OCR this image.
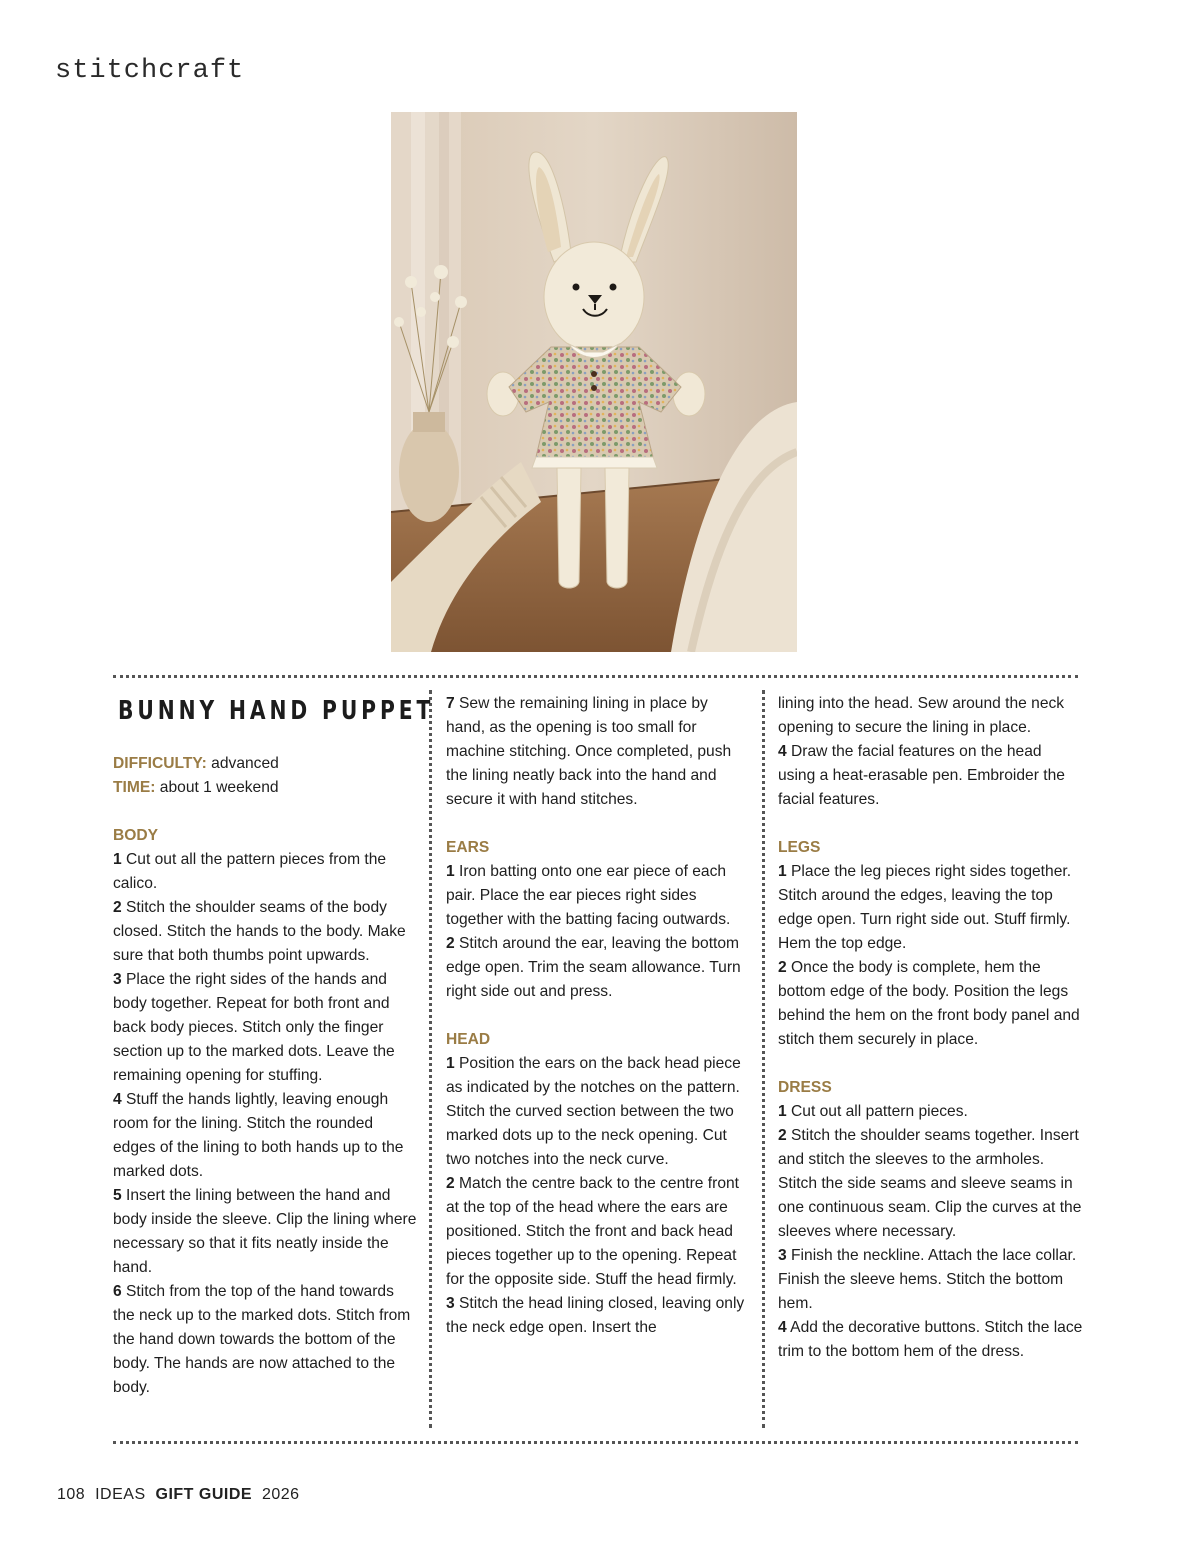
stitchcraft
BUNNY HAND PUPPET

DIFFICULTY: advanced

TIME: about 1 weekend

BODY

1 Cut out all the pattern pieces from the calico.

2 Stitch the shoulder seams of the body closed. Stitch the hands to the body. Make sure that both thumbs point upwards.

3 Place the right sides of the hands and body together. Repeat for both front and back body pieces. Stitch only the finger section up to the marked dots. Leave the remaining opening for stuffing.

4 Stuff the hands lightly, leaving enough room for the lining. Stitch the rounded edges of the lining to both hands up to the marked dots.

5 Insert the lining between the hand and body inside the sleeve. Clip the lining where necessary so that it fits neatly inside the hand.

6 Stitch from the top of the hand towards the neck up to the marked dots. Stitch from the hand down towards the bottom of the body. The hands are now attached to the body.

7 Sew the remaining lining in place by hand, as the opening is too small for machine stitching. Once completed, push the lining neatly back into the hand and secure it with hand stitches.

EARS

1 Iron batting onto one ear piece of each pair. Place the ear pieces right sides together with the batting facing outwards.

2 Stitch around the ear, leaving the bottom edge open. Trim the seam allowance. Turn right side out and press.

HEAD

1 Position the ears on the back head piece as indicated by the notches on the pattern. Stitch the curved section between the two marked dots up to the neck opening. Cut two notches into the neck curve.

2 Match the centre back to the centre front at the top of the head where the ears are positioned. Stitch the front and back head pieces together up to the opening. Repeat for the opposite side. Stuff the head firmly.

3 Stitch the head lining closed, leaving only the neck edge open. Insert the

lining into the head. Sew around the neck opening to secure the lining in place.

4 Draw the facial features on the head using a heat-erasable pen. Embroider the facial features.

LEGS

1 Place the leg pieces right sides together. Stitch around the edges, leaving the top edge open. Turn right side out. Stuff firmly. Hem the top edge.

2 Once the body is complete, hem the bottom edge of the body. Position the legs behind the hem on the front body panel and stitch them securely in place.

DRESS

1 Cut out all pattern pieces.

2 Stitch the shoulder seams together. Insert and stitch the sleeves to the armholes. Stitch the side seams and sleeve seams in one continuous seam. Clip the curves at the sleeves where necessary.

3 Finish the neckline. Attach the lace collar. Finish the sleeve hems. Stitch the bottom hem.

4 Add the decorative buttons. Stitch the lace trim to the bottom hem of the dress.

108 IDEAS GIFT GUIDE 2026
